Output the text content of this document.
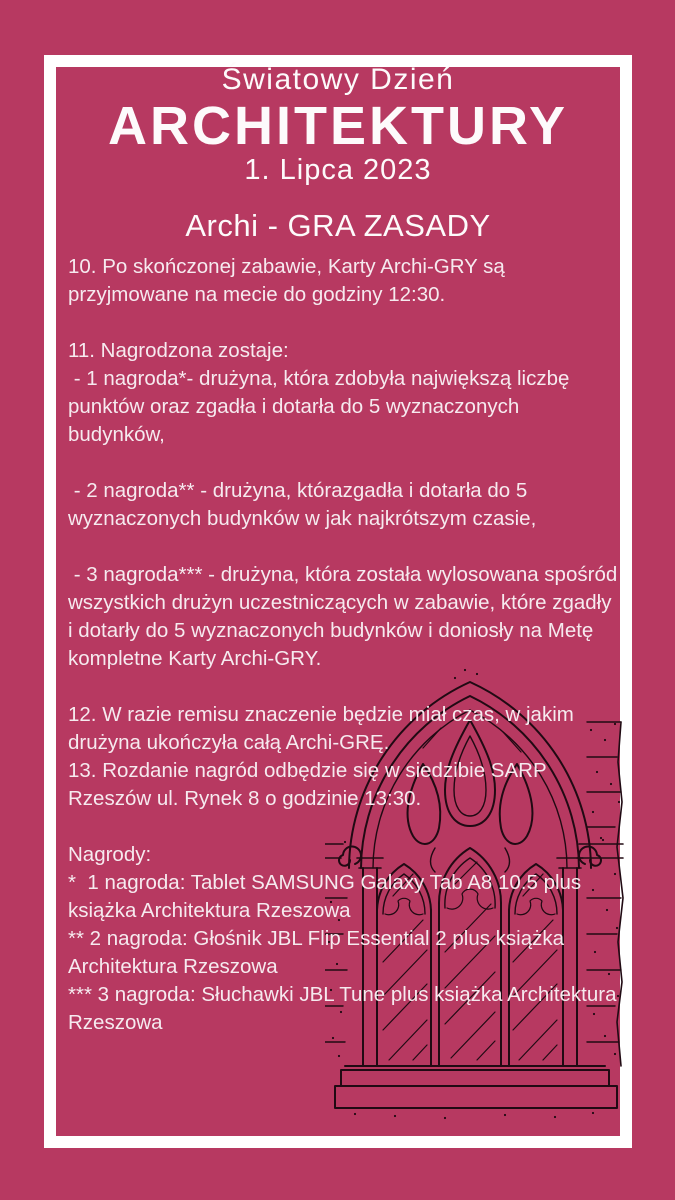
Światowy Dzień
ARCHITEKTURY
1. Lipca 2023
Archi - GRA ZASADY

10. Po skończonej zabawie, Karty Archi-GRY są przyjmowane na mecie do godziny 12:30.

11. Nagrodzona zostaje:

- 1 nagroda*- drużyna, która zdobyła największą liczbę punktów oraz zgadła i dotarła do 5 wyznaczonych budynków,

- 2 nagroda** - drużyna, którazgadła i dotarła do 5 wyznaczonych budynków w jak najkrótszym czasie,

- 3 nagroda*** - drużyna, która została wylosowana spośród wszystkich drużyn uczestniczących w zabawie, które zgadły i dotarły do 5 wyznaczonych budynków i doniosły na Metę kompletne Karty Archi-GRY.

12. W razie remisu znaczenie będzie miał czas, w jakim drużyna ukończyła całą Archi-GRĘ.

13. Rozdanie nagród odbędzie się w siedzibie SARP Rzeszów ul. Rynek 8 o godzinie 13:30.

Nagrody:

*  1 nagroda: Tablet SAMSUNG Galaxy Tab A8 10.5 plus książka Architektura Rzeszowa

** 2 nagroda: Głośnik JBL Flip Essential 2 plus książka Architektura Rzeszowa

*** 3 nagroda: Słuchawki JBL Tune plus książka Architektura Rzeszowa
